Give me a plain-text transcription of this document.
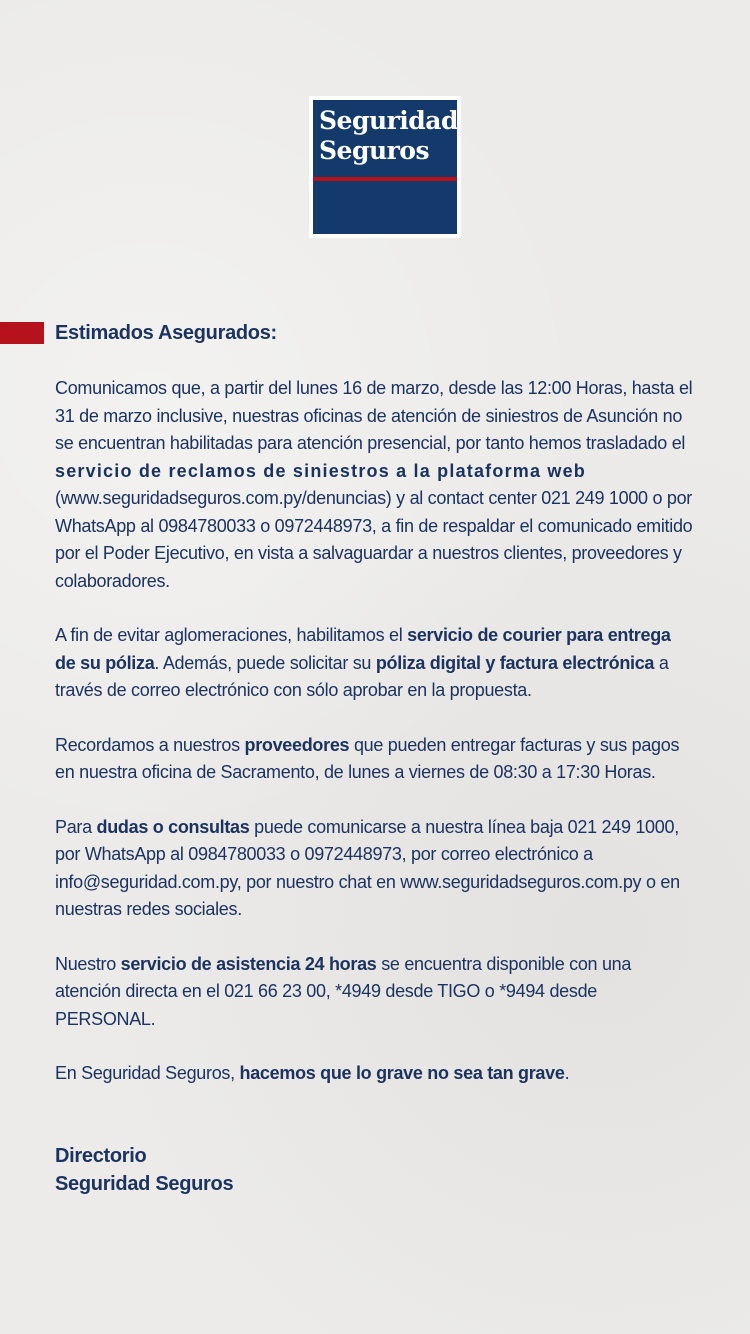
Seguridad
Seguros

Estimados Asegurados:

Comunicamos que, a partir del lunes 16 de marzo, desde las 12:00 Horas, hasta el 31 de marzo inclusive, nuestras oficinas de atención de siniestros de Asunción no se encuentran habilitadas para atención presencial, por tanto hemos trasladado el servicio de reclamos de siniestros a la plataforma web (www.seguridadseguros.com.py/denuncias) y al contact center 021 249 1000 o por WhatsApp al 0984780033 o 0972448973, a fin de respaldar el comunicado emitido por el Poder Ejecutivo, en vista a salvaguardar a nuestros clientes, proveedores y colaboradores.

A fin de evitar aglomeraciones, habilitamos el servicio de courier para entrega de su póliza. Además, puede solicitar su póliza digital y factura electrónica a través de correo electrónico con sólo aprobar en la propuesta.

Recordamos a nuestros proveedores que pueden entregar facturas y sus pagos en nuestra oficina de Sacramento, de lunes a viernes de 08:30 a 17:30 Horas.

Para dudas o consultas puede comunicarse a nuestra línea baja 021 249 1000, por WhatsApp al 0984780033 o 0972448973, por correo electrónico a info@seguridad.com.py, por nuestro chat en www.seguridadseguros.com.py o en nuestras redes sociales.

Nuestro servicio de asistencia 24 horas se encuentra disponible con una atención directa en el 021 66 23 00, *4949 desde TIGO o *9494 desde PERSONAL.

En Seguridad Seguros, hacemos que lo grave no sea tan grave.

Directorio
Seguridad Seguros
